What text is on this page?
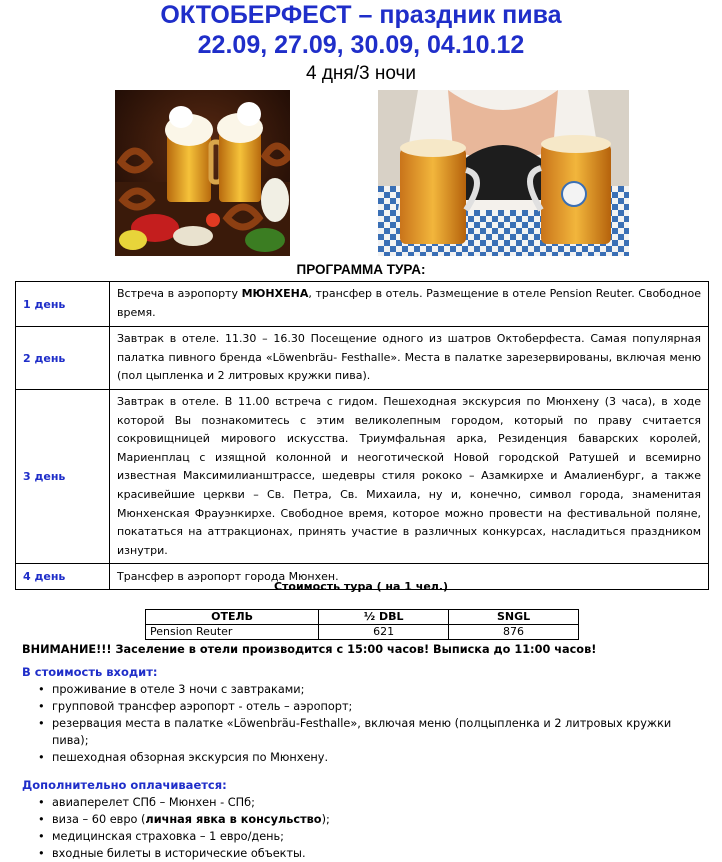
ОКТОБЕРФЕСТ – праздник пива
22.09, 27.09, 30.09, 04.10.12
4 дня/3 ночи
ПРОГРАММА ТУРА:
1 день	Встреча в аэропорту МЮНХЕНА, трансфер в отель. Размещение в отеле Pension Reuter. Свободное время.
2 день	Завтрак в отеле. 11.30 – 16.30 Посещение одного из шатров Октоберфеста. Самая популярная палатка пивного бренда «Löwenbräu- Festhalle». Места в палатке зарезервированы, включая меню (пол цыпленка и 2 литровых кружки пива).
3 день	Завтрак в отеле. В 11.00 встреча с гидом. Пешеходная экскурсия по Мюнхену (3 часа), в ходе которой Вы познакомитесь с этим великолепным городом, который по праву считается сокровищницей мирового искусства. Триумфальная арка, Резиденция баварских королей, Мариенплац с изящной колонной и неоготической Новой городской Ратушей и всемирно известная Максимилианштрассе, шедевры стиля рококо – Азамкирхе и Амалиенбург, а также красивейшие церкви – Св. Петра, Св. Михаила, ну и, конечно, символ города, знаменитая Мюнхенская Фрауэнкирхе. Свободное время, которое можно провести на фестивальной поляне, покататься на аттракционах, принять участие в различных конкурсах, насладиться праздником изнутри.
4 день	Трансфер в аэропорт города Мюнхен.
Стоимость тура ( на 1 чел.)
ОТЕЛЬ	½ DBL	SNGL
Pension Reuter	621	876
ВНИМАНИЕ!!! Заселение в отели производится с 15:00 часов! Выписка до 11:00 часов!
В стоимость входит:
• проживание в отеле 3 ночи с завтраками;
• групповой трансфер аэропорт - отель – аэропорт;
• резервация места в палатке «Löwenbräu-Festhalle», включая меню (полцыпленка и 2 литровых кружки пива);
• пешеходная обзорная экскурсия по Мюнхену.
Дополнительно оплачивается:
• авиаперелет СПб – Мюнхен - СПб;
• виза – 60 евро (личная явка в консульство);
• медицинская страховка – 1 евро/день;
• входные билеты в исторические объекты.
